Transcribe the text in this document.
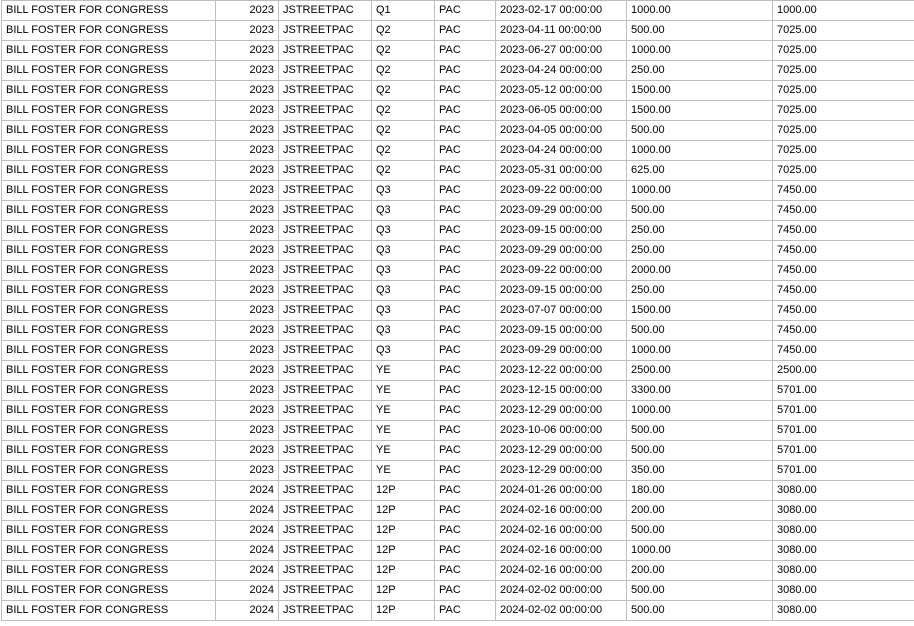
BILL FOSTER FOR CONGRESS	2023	JSTREETPAC	Q1	PAC	2023-02-17 00:00:00	1000.00	1000.00
BILL FOSTER FOR CONGRESS	2023	JSTREETPAC	Q2	PAC	2023-04-11 00:00:00	500.00	7025.00
BILL FOSTER FOR CONGRESS	2023	JSTREETPAC	Q2	PAC	2023-06-27 00:00:00	1000.00	7025.00
BILL FOSTER FOR CONGRESS	2023	JSTREETPAC	Q2	PAC	2023-04-24 00:00:00	250.00	7025.00
BILL FOSTER FOR CONGRESS	2023	JSTREETPAC	Q2	PAC	2023-05-12 00:00:00	1500.00	7025.00
BILL FOSTER FOR CONGRESS	2023	JSTREETPAC	Q2	PAC	2023-06-05 00:00:00	1500.00	7025.00
BILL FOSTER FOR CONGRESS	2023	JSTREETPAC	Q2	PAC	2023-04-05 00:00:00	500.00	7025.00
BILL FOSTER FOR CONGRESS	2023	JSTREETPAC	Q2	PAC	2023-04-24 00:00:00	1000.00	7025.00
BILL FOSTER FOR CONGRESS	2023	JSTREETPAC	Q2	PAC	2023-05-31 00:00:00	625.00	7025.00
BILL FOSTER FOR CONGRESS	2023	JSTREETPAC	Q3	PAC	2023-09-22 00:00:00	1000.00	7450.00
BILL FOSTER FOR CONGRESS	2023	JSTREETPAC	Q3	PAC	2023-09-29 00:00:00	500.00	7450.00
BILL FOSTER FOR CONGRESS	2023	JSTREETPAC	Q3	PAC	2023-09-15 00:00:00	250.00	7450.00
BILL FOSTER FOR CONGRESS	2023	JSTREETPAC	Q3	PAC	2023-09-29 00:00:00	250.00	7450.00
BILL FOSTER FOR CONGRESS	2023	JSTREETPAC	Q3	PAC	2023-09-22 00:00:00	2000.00	7450.00
BILL FOSTER FOR CONGRESS	2023	JSTREETPAC	Q3	PAC	2023-09-15 00:00:00	250.00	7450.00
BILL FOSTER FOR CONGRESS	2023	JSTREETPAC	Q3	PAC	2023-07-07 00:00:00	1500.00	7450.00
BILL FOSTER FOR CONGRESS	2023	JSTREETPAC	Q3	PAC	2023-09-15 00:00:00	500.00	7450.00
BILL FOSTER FOR CONGRESS	2023	JSTREETPAC	Q3	PAC	2023-09-29 00:00:00	1000.00	7450.00
BILL FOSTER FOR CONGRESS	2023	JSTREETPAC	YE	PAC	2023-12-22 00:00:00	2500.00	2500.00
BILL FOSTER FOR CONGRESS	2023	JSTREETPAC	YE	PAC	2023-12-15 00:00:00	3300.00	5701.00
BILL FOSTER FOR CONGRESS	2023	JSTREETPAC	YE	PAC	2023-12-29 00:00:00	1000.00	5701.00
BILL FOSTER FOR CONGRESS	2023	JSTREETPAC	YE	PAC	2023-10-06 00:00:00	500.00	5701.00
BILL FOSTER FOR CONGRESS	2023	JSTREETPAC	YE	PAC	2023-12-29 00:00:00	500.00	5701.00
BILL FOSTER FOR CONGRESS	2023	JSTREETPAC	YE	PAC	2023-12-29 00:00:00	350.00	5701.00
BILL FOSTER FOR CONGRESS	2024	JSTREETPAC	12P	PAC	2024-01-26 00:00:00	180.00	3080.00
BILL FOSTER FOR CONGRESS	2024	JSTREETPAC	12P	PAC	2024-02-16 00:00:00	200.00	3080.00
BILL FOSTER FOR CONGRESS	2024	JSTREETPAC	12P	PAC	2024-02-16 00:00:00	500.00	3080.00
BILL FOSTER FOR CONGRESS	2024	JSTREETPAC	12P	PAC	2024-02-16 00:00:00	1000.00	3080.00
BILL FOSTER FOR CONGRESS	2024	JSTREETPAC	12P	PAC	2024-02-16 00:00:00	200.00	3080.00
BILL FOSTER FOR CONGRESS	2024	JSTREETPAC	12P	PAC	2024-02-02 00:00:00	500.00	3080.00
BILL FOSTER FOR CONGRESS	2024	JSTREETPAC	12P	PAC	2024-02-02 00:00:00	500.00	3080.00
